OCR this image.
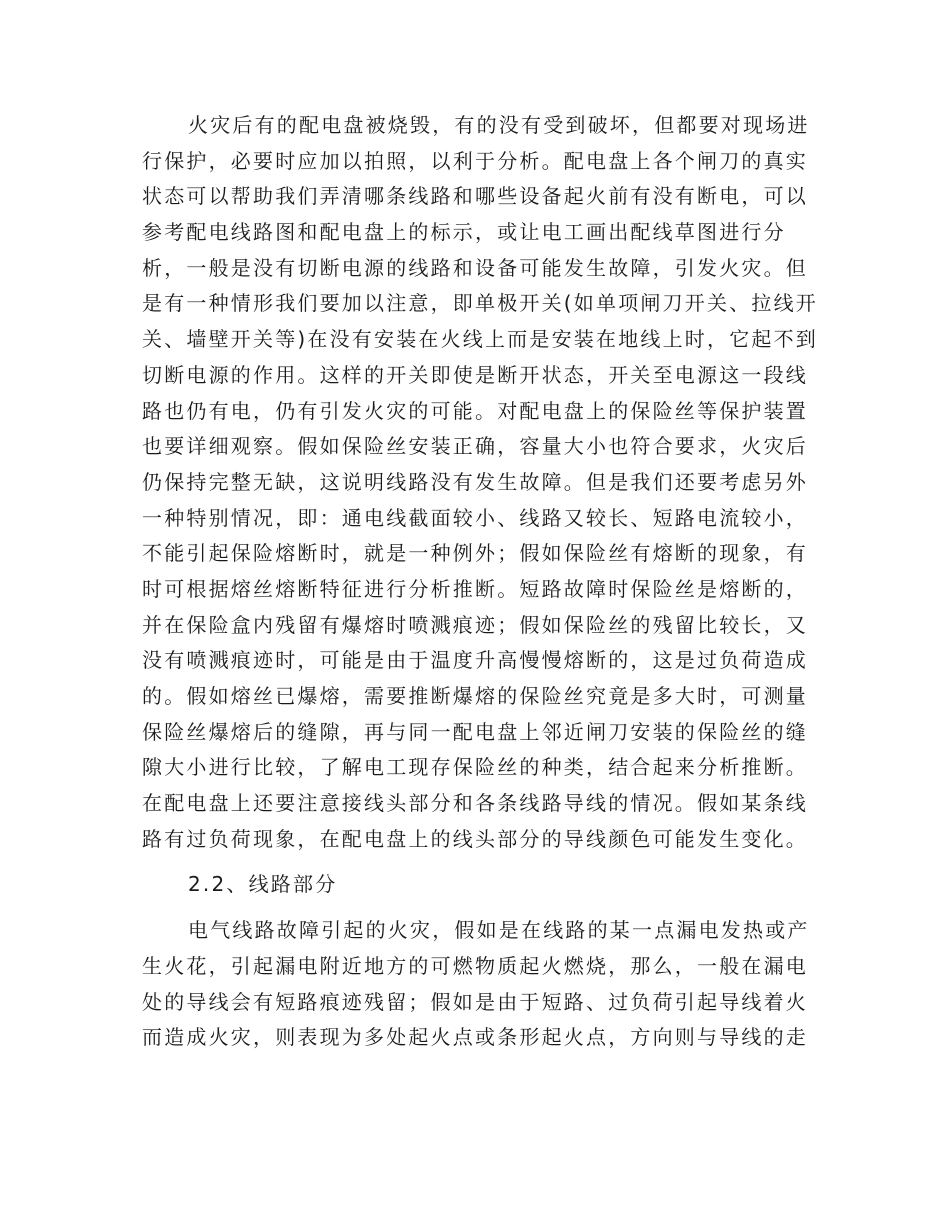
火灾后有的配电盘被烧毁，有的没有受到破坏，但都要对现场进
行保护，必要时应加以拍照，以利于分析。配电盘上各个闸刀的真实
状态可以帮助我们弄清哪条线路和哪些设备起火前有没有断电，可以
参考配电线路图和配电盘上的标示，或让电工画出配线草图进行分
析，一般是没有切断电源的线路和设备可能发生故障，引发火灾。但
是有一种情形我们要加以注意，即单极开关(如单项闸刀开关、拉线开
关、墙壁开关等)在没有安装在火线上而是安装在地线上时，它起不到
切断电源的作用。这样的开关即使是断开状态，开关至电源这一段线
路也仍有电，仍有引发火灾的可能。对配电盘上的保险丝等保护装置
也要详细观察。假如保险丝安装正确，容量大小也符合要求，火灾后
仍保持完整无缺，这说明线路没有发生故障。但是我们还要考虑另外
一种特别情况，即：通电线截面较小、线路又较长、短路电流较小，
不能引起保险熔断时，就是一种例外；假如保险丝有熔断的现象，有
时可根据熔丝熔断特征进行分析推断。短路故障时保险丝是熔断的，
并在保险盒内残留有爆熔时喷溅痕迹；假如保险丝的残留比较长，又
没有喷溅痕迹时，可能是由于温度升高慢慢熔断的，这是过负荷造成
的。假如熔丝已爆熔，需要推断爆熔的保险丝究竟是多大时，可测量
保险丝爆熔后的缝隙，再与同一配电盘上邻近闸刀安装的保险丝的缝
隙大小进行比较，了解电工现存保险丝的种类，结合起来分析推断。
在配电盘上还要注意接线头部分和各条线路导线的情况。假如某条线
路有过负荷现象，在配电盘上的线头部分的导线颜色可能发生变化。
2.2、线路部分
电气线路故障引起的火灾，假如是在线路的某一点漏电发热或产
生火花，引起漏电附近地方的可燃物质起火燃烧，那么，一般在漏电
处的导线会有短路痕迹残留；假如是由于短路、过负荷引起导线着火
而造成火灾，则表现为多处起火点或条形起火点，方向则与导线的走
